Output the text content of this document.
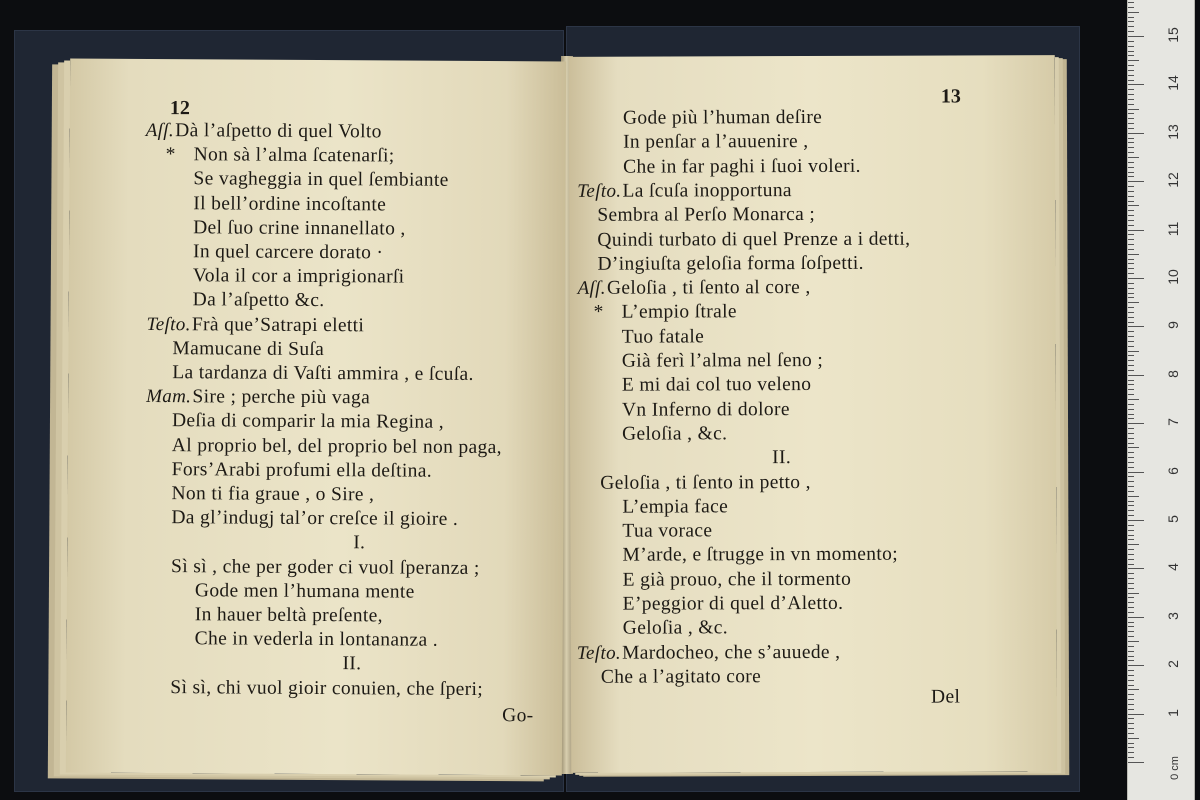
12
Aſſ. Dà l’aſpetto di quel Volto
* Non sà l’alma ſcatenarſi;
Se vagheggia in quel ſembiante
Il bell’ordine incoſtante
Del ſuo crine innanellato ,
In quel carcere dorato ·
Vola il cor a imprigionarſi
Da l’aſpetto &c.
Teſto. Frà que’Satrapi eletti
Mamucane di Suſa
La tardanza di Vaſti ammira , e ſcuſa.
Mam. Sire ; perche più vaga
Deſia di comparir la mia Regina ,
Al proprio bel, del proprio bel non paga,
Fors’Arabi profumi ella deſtina.
Non ti fia graue , o Sire ,
Da gl’indugj tal’or creſce il gioire .
I.
Sì sì , che per goder ci vuol ſperanza ;
Gode men l’humana mente
In hauer beltà preſente,
Che in vederla in lontananza .
II.
Sì sì, chi vuol gioir conuien, che ſperi;
Go-
13
Gode più l’human deſire
In penſar a l’auuenire ,
Che in far paghi i ſuoi voleri.
Teſto. La ſcuſa inopportuna
Sembra al Perſo Monarca ;
Quindi turbato di quel Prenze a i detti,
D’ingiuſta geloſia forma ſoſpetti.
Aſſ. Geloſia , ti ſento al core ,
* L’empio ſtrale
Tuo fatale
Già ferì l’alma nel ſeno ;
E mi dai col tuo veleno
Vn Inferno di dolore
Geloſia , &c.
II.
Geloſia , ti ſento in petto ,
L’empia face
Tua vorace
M’arde, e ſtrugge in vn momento;
E già prouo, che il tormento
E’peggior di quel d’Aletto.
Geloſia , &c.
Teſto. Mardocheo, che s’auuede ,
Che a l’agitato core
Del
1
2
3
4
5
6
7
8
9
10
11
12
13
14
15
0 cm
